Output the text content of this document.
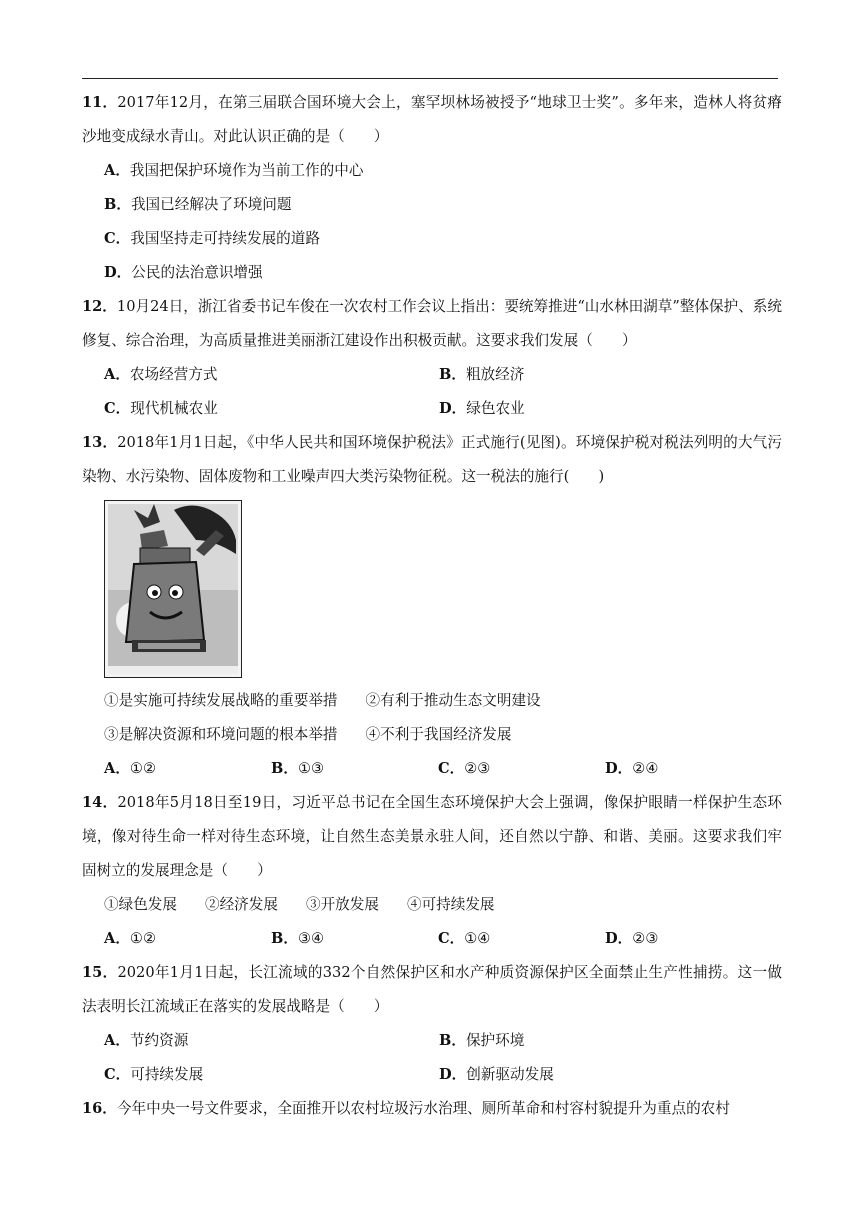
11．2017年12月，在第三届联合国环境大会上，塞罕坝林场被授予“地球卫士奖”。多年来，造林人将贫瘠沙地变成绿水青山。对此认识正确的是（　　）

A．我国把保护环境作为当前工作的中心
B．我国已经解决了环境问题
C．我国坚持走可持续发展的道路
D．公民的法治意识增强

12．10月24日，浙江省委书记车俊在一次农村工作会议上指出：要统筹推进“山水林田湖草”整体保护、系统修复、综合治理，为高质量推进美丽浙江建设作出积极贡献。这要求我们发展（　　）

A．农场经营方式	B．粗放经济
C．现代机械农业	D．绿色农业

13．2018年1月1日起，《中华人民共和国环境保护税法》正式施行(见图)。环境保护税对税法列明的大气污染物、水污染物、固体废物和工业噪声四大类污染物征税。这一税法的施行(　　)

①是实施可持续发展战略的重要举措 ②有利于推动生态文明建设
③是解决资源和环境问题的根本举措 ④不利于我国经济发展
A．①②	B．①③	C．②③	D．②④

14．2018年5月18日至19日，习近平总书记在全国生态环境保护大会上强调，像保护眼睛一样保护生态环境，像对待生命一样对待生态环境，让自然生态美景永驻人间，还自然以宁静、和谐、美丽。这要求我们牢固树立的发展理念是（　　）

①绿色发展 ②经济发展 ③开放发展 ④可持续发展
A．①②	B．③④	C．①④	D．②③

15．2020年1月1日起，长江流域的332个自然保护区和水产种质资源保护区全面禁止生产性捕捞。这一做法表明长江流域正在落实的发展战略是（　　）

A．节约资源	B．保护环境
C．可持续发展	D．创新驱动发展

16．今年中央一号文件要求，全面推开以农村垃圾污水治理、厕所革命和村容村貌提升为重点的农村
